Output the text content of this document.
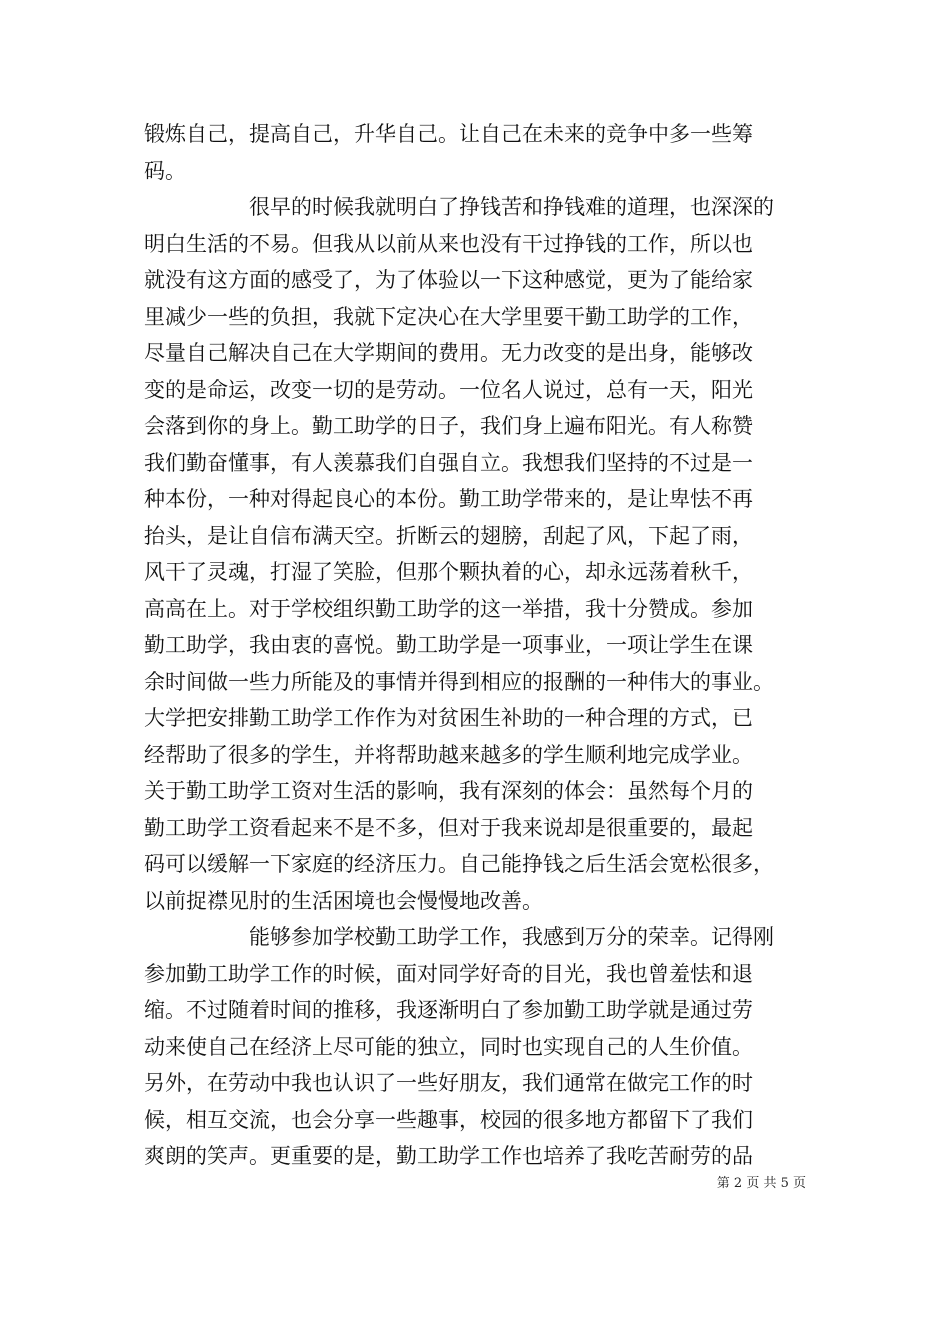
锻炼自己，提高自己，升华自己。让自己在未来的竞争中多一些筹
码。
　　　　　很早的时候我就明白了挣钱苦和挣钱难的道理，也深深的
明白生活的不易。但我从以前从来也没有干过挣钱的工作，所以也
就没有这方面的感受了，为了体验以一下这种感觉，更为了能给家
里减少一些的负担，我就下定决心在大学里要干勤工助学的工作，
尽量自己解决自己在大学期间的费用。无力改变的是出身，能够改
变的是命运，改变一切的是劳动。一位名人说过，总有一天，阳光
会落到你的身上。勤工助学的日子，我们身上遍布阳光。有人称赞
我们勤奋懂事，有人羡慕我们自强自立。我想我们坚持的不过是一
种本份，一种对得起良心的本份。勤工助学带来的，是让卑怯不再
抬头，是让自信布满天空。折断云的翅膀，刮起了风，下起了雨，
风干了灵魂，打湿了笑脸，但那个颗执着的心，却永远荡着秋千，
高高在上。对于学校组织勤工助学的这一举措，我十分赞成。参加
勤工助学，我由衷的喜悦。勤工助学是一项事业，一项让学生在课
余时间做一些力所能及的事情并得到相应的报酬的一种伟大的事业。
大学把安排勤工助学工作作为对贫困生补助的一种合理的方式，已
经帮助了很多的学生，并将帮助越来越多的学生顺利地完成学业。
关于勤工助学工资对生活的影响，我有深刻的体会：虽然每个月的
勤工助学工资看起来不是不多，但对于我来说却是很重要的，最起
码可以缓解一下家庭的经济压力。自己能挣钱之后生活会宽松很多，
以前捉襟见肘的生活困境也会慢慢地改善。
　　　　　能够参加学校勤工助学工作，我感到万分的荣幸。记得刚
参加勤工助学工作的时候，面对同学好奇的目光，我也曾羞怯和退
缩。不过随着时间的推移，我逐渐明白了参加勤工助学就是通过劳
动来使自己在经济上尽可能的独立，同时也实现自己的人生价值。
另外，在劳动中我也认识了一些好朋友，我们通常在做完工作的时
候，相互交流，也会分享一些趣事，校园的很多地方都留下了我们
爽朗的笑声。更重要的是，勤工助学工作也培养了我吃苦耐劳的品
第 2 页 共 5 页
